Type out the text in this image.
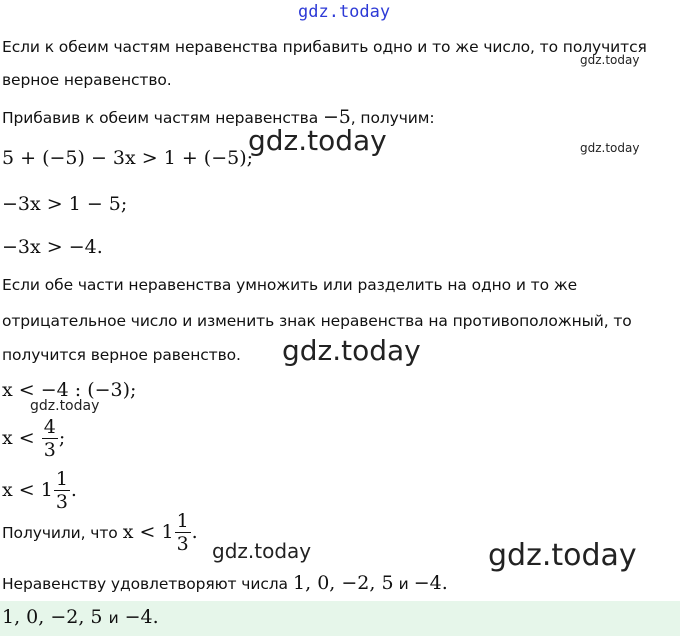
gdz.today
Если к обеим частям неравенства прибавить одно и то же число, то получится
верное неравенство.
gdz.today
Прибавив к обеим частям неравенства −5, получим:
5 + (−5) − 3x > 1 + (−5);
gdz.today	gdz.today
−3x > 1 − 5;
−3x > −4.
Если обе части неравенства умножить или разделить на одно и то же
отрицательное число и изменить знак неравенства на противоположный, то
получится верное равенство. gdz.today
x < −4 : (−3);
gdz.today
$x < \frac{4}{3}$ ;
$x < 1 \frac{1}{3}$ .
Получили, что $x < 1 \frac{1}{3}$ .
gdz.today	gdz.today
Неравенству удовлетворяют числа 1, 0, −2, 5 и −4.
1, 0, −2, 5 и −4.
